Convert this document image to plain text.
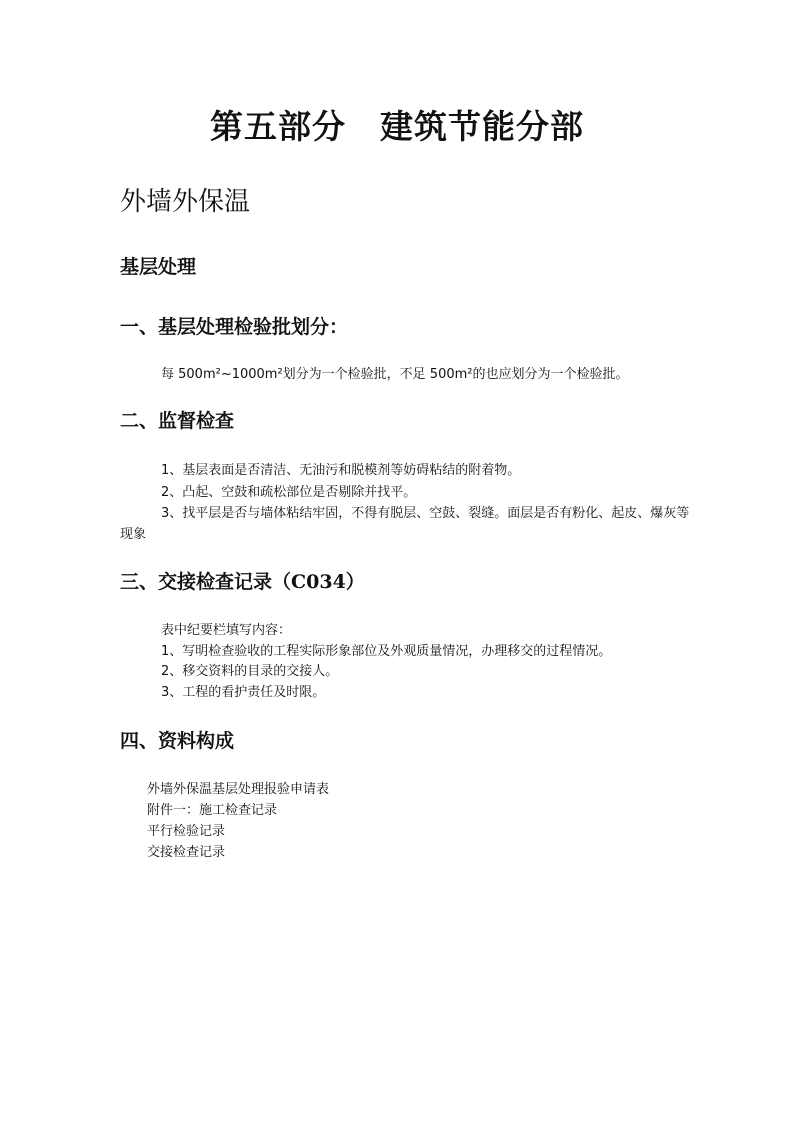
第五部分　建筑节能分部
外墙外保温
基层处理
一、基层处理检验批划分：

每 500m²~1000m²划分为一个检验批，不足 500m²的也应划分为一个检验批。

二、监督检查

1、基层表面是否清洁、无油污和脱模剂等妨碍粘结的附着物。

2、凸起、空鼓和疏松部位是否剔除并找平。

3、找平层是否与墙体粘结牢固，不得有脱层、空鼓、裂缝。面层是否有粉化、起皮、爆灰等现象

三、交接检查记录（C034）

表中纪要栏填写内容：

1、写明检查验收的工程实际形象部位及外观质量情况，办理移交的过程情况。

2、移交资料的目录的交接人。

3、工程的看护责任及时限。

四、资料构成

外墙外保温基层处理报验申请表

附件一：施工检查记录

平行检验记录

交接检查记录
